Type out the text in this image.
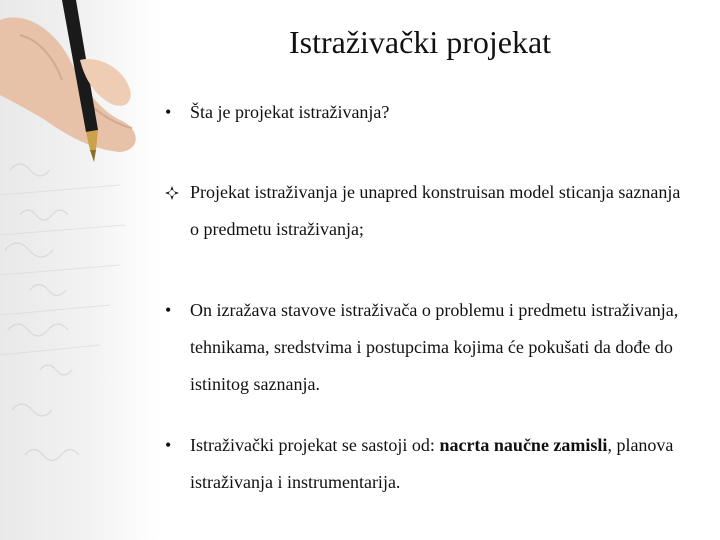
Istraživački projekat
•	Šta je projekat istraživanja?
Projekat istraživanja je unapred konstruisan model sticanja saznanja o predmetu istraživanja;
•	On izražava stavove istraživača o problemu i predmetu istraživanja, tehnikama, sredstvima i postupcima kojima će pokušati da dođe do istinitog saznanja.
•	Istraživački projekat se sastoji od: nacrta naučne zamisli, planova istraživanja i instrumentarija.
